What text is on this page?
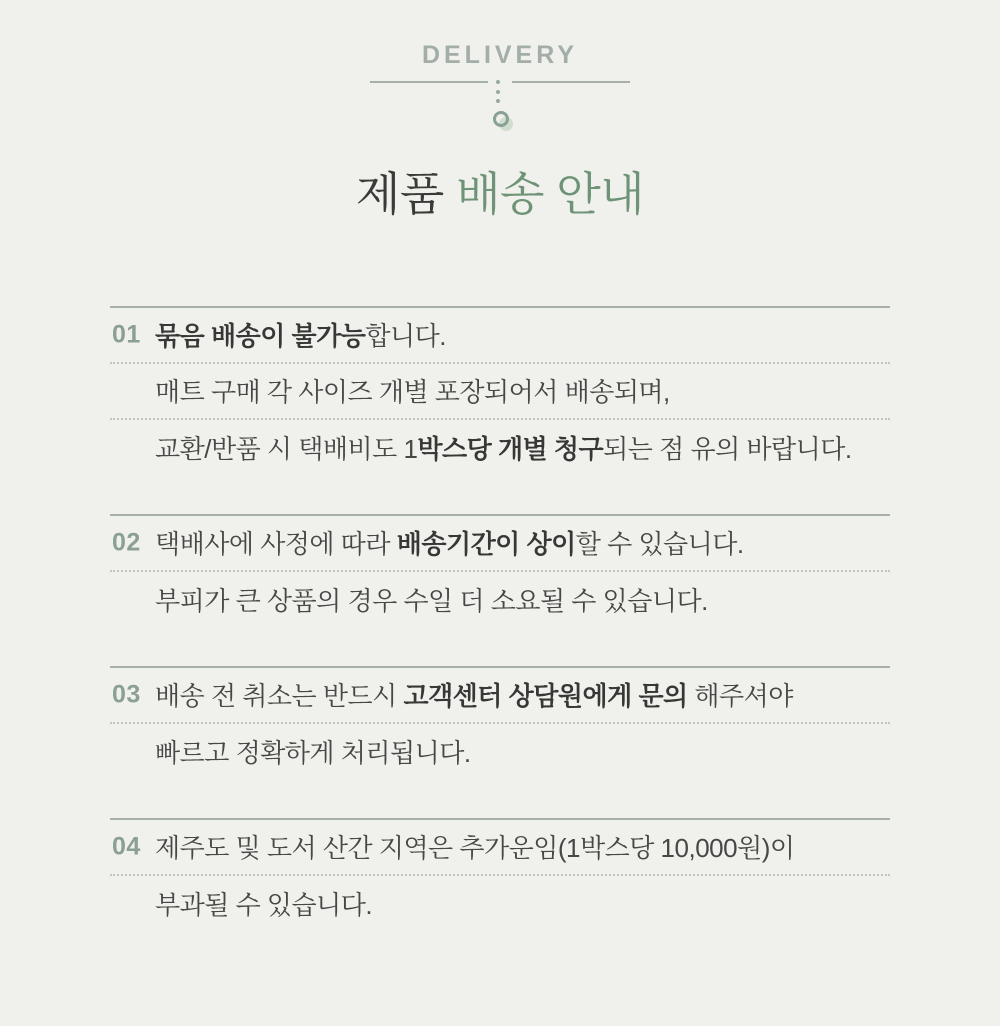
DELIVERY
제품 배송 안내
01 묶음 배송이 불가능합니다.

매트 구매 각 사이즈 개별 포장되어서 배송되며,

교환/반품 시 택배비도 1박스당 개별 청구되는 점 유의 바랍니다.

02 택배사에 사정에 따라 배송기간이 상이할 수 있습니다.

부피가 큰 상품의 경우 수일 더 소요될 수 있습니다.

03 배송 전 취소는 반드시 고객센터 상담원에게 문의 해주셔야

빠르고 정확하게 처리됩니다.

04 제주도 및 도서 산간 지역은 추가운임(1박스당 10,000원)이

부과될 수 있습니다.
